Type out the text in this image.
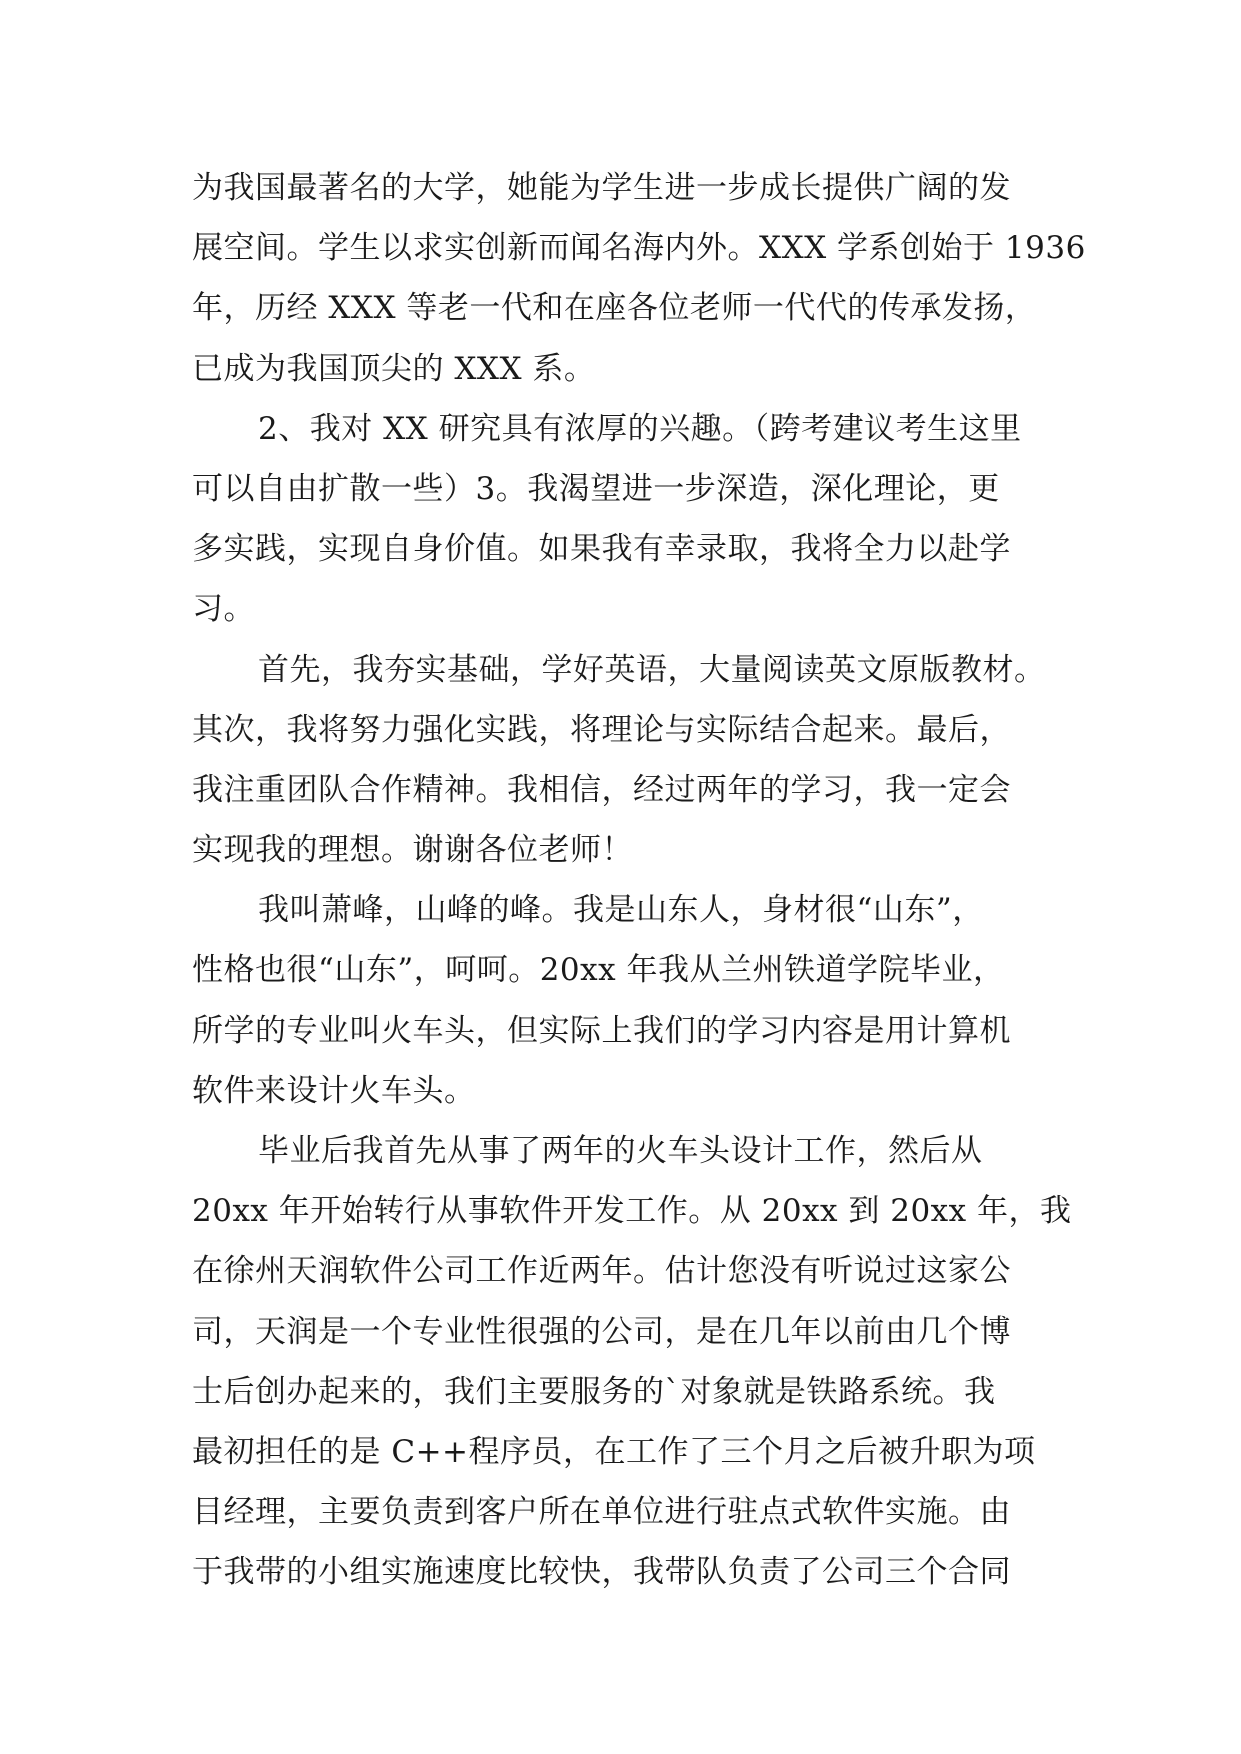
为我国最著名的大学，她能为学生进一步成长提供广阔的发
展空间。学生以求实创新而闻名海内外。XXX 学系创始于 1936
年，历经 XXX 等老一代和在座各位老师一代代的传承发扬，
已成为我国顶尖的 XXX 系。
2、我对 XX 研究具有浓厚的兴趣。（跨考建议考生这里
可以自由扩散一些）3。我渴望进一步深造，深化理论，更
多实践，实现自身价值。如果我有幸录取，我将全力以赴学
习。
首先，我夯实基础，学好英语，大量阅读英文原版教材。
其次，我将努力强化实践，将理论与实际结合起来。最后，
我注重团队合作精神。我相信，经过两年的学习，我一定会
实现我的理想。谢谢各位老师！
我叫萧峰，山峰的峰。我是山东人，身材很“山东”，
性格也很“山东”，呵呵。20xx 年我从兰州铁道学院毕业，
所学的专业叫火车头，但实际上我们的学习内容是用计算机
软件来设计火车头。
毕业后我首先从事了两年的火车头设计工作，然后从
20xx 年开始转行从事软件开发工作。从 20xx 到 20xx 年，我
在徐州天润软件公司工作近两年。估计您没有听说过这家公
司，天润是一个专业性很强的公司，是在几年以前由几个博
士后创办起来的，我们主要服务的`对象就是铁路系统。我
最初担任的是 C++程序员，在工作了三个月之后被升职为项
目经理，主要负责到客户所在单位进行驻点式软件实施。由
于我带的小组实施速度比较快，我带队负责了公司三个合同
